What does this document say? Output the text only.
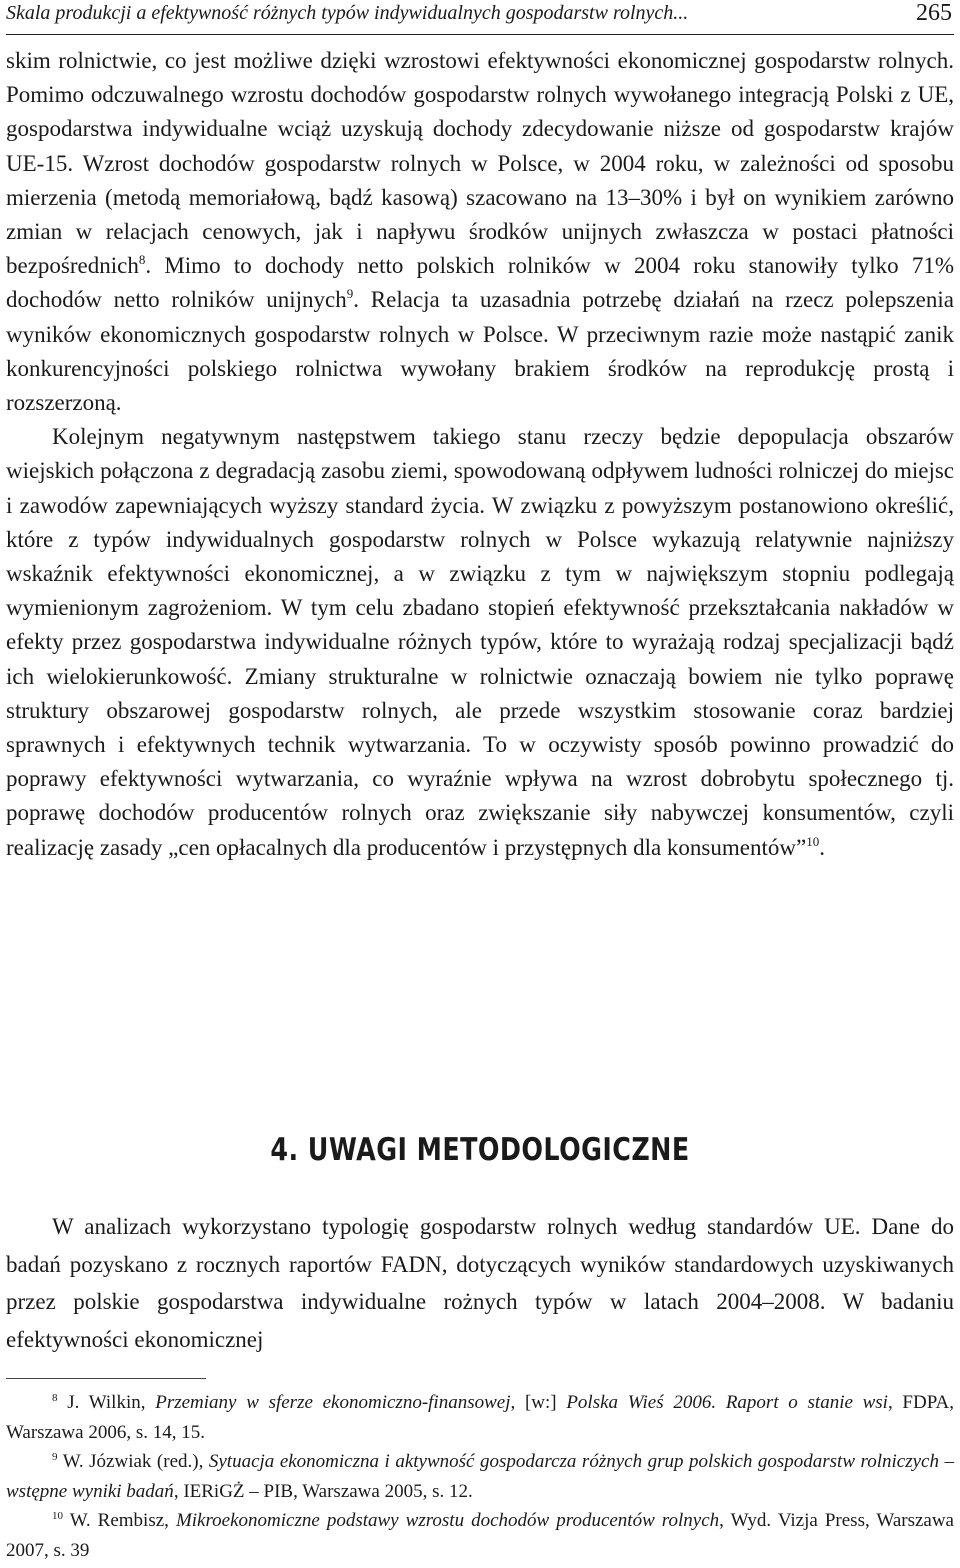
Skala produkcji a efektywność różnych typów indywidualnych gospodarstw rolnych...	265

skim rolnictwie, co jest możliwe dzięki wzrostowi efektywności ekonomicznej gospodarstw rolnych. Pomimo odczuwalnego wzrostu dochodów gospodarstw rolnych wywołanego integracją Polski z UE, gospodarstwa indywidualne wciąż uzyskują dochody zdecydowanie niższe od gospodarstw krajów UE-15. Wzrost dochodów gospodarstw rolnych w Polsce, w 2004 roku, w zależności od sposobu mierzenia (metodą memoriałową, bądź kasową) szacowano na 13–30% i był on wynikiem zarówno zmian w relacjach cenowych, jak i napływu środków unijnych zwłaszcza w postaci płatności bezpośrednich$^8$. Mimo to dochody netto polskich rolników w 2004 roku stanowiły tylko 71% dochodów netto rolników unijnych$^9$. Relacja ta uzasadnia potrzebę działań na rzecz polepszenia wyników ekonomicznych gospodarstw rolnych w Polsce. W przeciwnym razie może nastąpić zanik konkurencyjności polskiego rolnictwa wywołany brakiem środków na reprodukcję prostą i rozszerzoną.

Kolejnym negatywnym następstwem takiego stanu rzeczy będzie depopulacja obszarów wiejskich połączona z degradacją zasobu ziemi, spowodowaną odpływem ludności rolniczej do miejsc i zawodów zapewniających wyższy standard życia. W związku z powyższym postanowiono określić, które z typów indywidualnych gospodarstw rolnych w Polsce wykazują relatywnie najniższy wskaźnik efektywności ekonomicznej, a w związku z tym w największym stopniu podlegają wymienionym zagrożeniom. W tym celu zbadano stopień efektywność przekształcania nakładów w efekty przez gospodarstwa indywidualne różnych typów, które to wyrażają rodzaj specjalizacji bądź ich wielokierunkowość. Zmiany strukturalne w rolnictwie oznaczają bowiem nie tylko poprawę struktury obszarowej gospodarstw rolnych, ale przede wszystkim stosowanie coraz bardziej sprawnych i efektywnych technik wytwarzania. To w oczywisty sposób powinno prowadzić do poprawy efektywności wytwarzania, co wyraźnie wpływa na wzrost dobrobytu społecznego tj. poprawę dochodów producentów rolnych oraz zwiększanie siły nabywczej konsumentów, czyli realizację zasady „cen opłacalnych dla producentów i przystępnych dla konsumentów”$^{10}$.

4. UWAGI METODOLOGICZNE

W analizach wykorzystano typologię gospodarstw rolnych według standardów UE. Dane do badań pozyskano z rocznych raportów FADN, dotyczących wyników standardowych uzyskiwanych przez polskie gospodarstwa indywidualne rożnych typów w latach 2004–2008. W badaniu efektywności ekonomicznej

$^8$ J. Wilkin, Przemiany w sferze ekonomiczno-finansowej, [w:] Polska Wieś 2006. Raport o stanie wsi, FDPA, Warszawa 2006, s. 14, 15.

$^9$ W. Józwiak (red.), Sytuacja ekonomiczna i aktywność gospodarcza różnych grup polskich gospodarstw rolniczych – wstępne wyniki badań, IERiGŻ – PIB, Warszawa 2005, s. 12.

$^{10}$ W. Rembisz, Mikroekonomiczne podstawy wzrostu dochodów producentów rolnych, Wyd. Vizja Press, Warszawa 2007, s. 39
